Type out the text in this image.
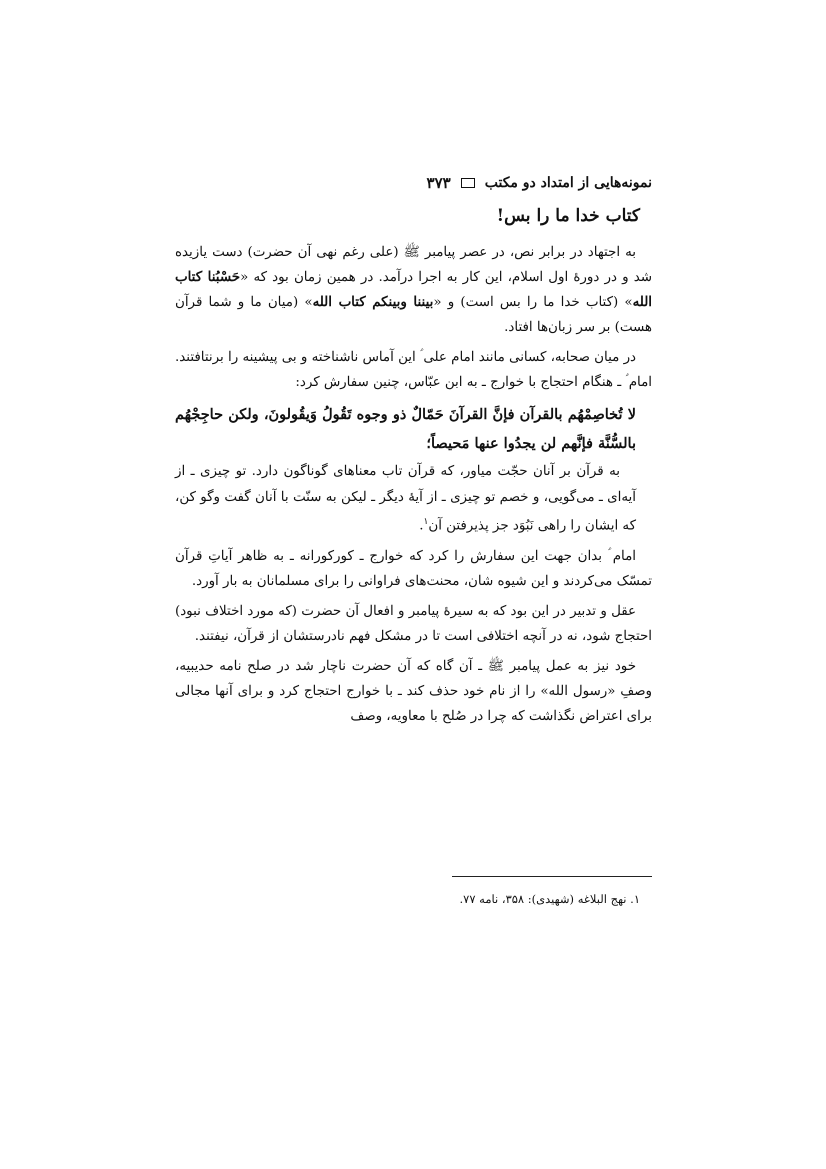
نمونه‌هایی از امتداد دو مکتب
۳۷۳
کتاب خدا ما را بس!

به اجتهاد در برابر نص، در عصر پیامبر ﷺ (علی رغم نهی آن حضرت) دست یازیده شد و در دورهٔ اول اسلام، این کار به اجرا درآمد. در همین زمان بود که «حَسْبُنا کتاب الله» (کتاب خدا ما را بس است) و «بیننا وبینکم کتاب الله» (میان ما و شما قرآن هست) بر سر زبان‌ها افتاد.

در میان صحابه، کسانی مانند امام علی ؑ این آماس ناشناخته و بی پیشینه را برنتافتند. امام ؑ ـ هنگام احتجاج با خوارج ـ به ابن عبّاس، چنین سفارش کرد:

لا تُخاصِمْهُم بالقرآن فإنَّ القرآنَ حَمّالٌ ذو وجوه تَقُولُ وَيقُولونَ، ولكن حاجِجْهُم بالسُّنَّة فإنَّهم لن يجدُوا عنها مَحيصاً؛

به قرآن بر آنان حجّت میاور، که قرآن تاب معناهای گوناگون دارد. تو چیزی ـ از آیه‌ای ـ می‌گویی، و خصم تو چیزی ـ از آیهٔ دیگر ـ لیکن به سنّت با آنان گفت وگو کن، که ایشان را راهی نَبُوَد جز پذیرفتن آن$^۱$.

امام ؑ بدان جهت این سفارش را کرد که خوارج ـ کورکورانه ـ به ظاهر آیاتِ قرآن تمسّک می‌کردند و این شیوه شان، محنت‌های فراوانی را برای مسلمانان به بار آورد.

عقل و تدبیر در این بود که به سیرهٔ پیامبر و افعال آن حضرت (که مورد اختلاف نبود) احتجاج شود، نه در آنچه اختلافی است تا در مشکل فهم نادرستشان از قرآن، نیفتند.

خود نیز به عمل پیامبر ﷺ ـ آن گاه که آن حضرت ناچار شد در صلح نامه حدیبیه، وصفِ «رسول الله» را از نام خود حذف کند ـ با خوارج احتجاج کرد و برای آنها مجالی برای اعتراض نگذاشت که چرا در صُلح با معاویه، وصف

۱. نهج البلاغه (شهیدی): ۳۵۸، نامه ۷۷.
